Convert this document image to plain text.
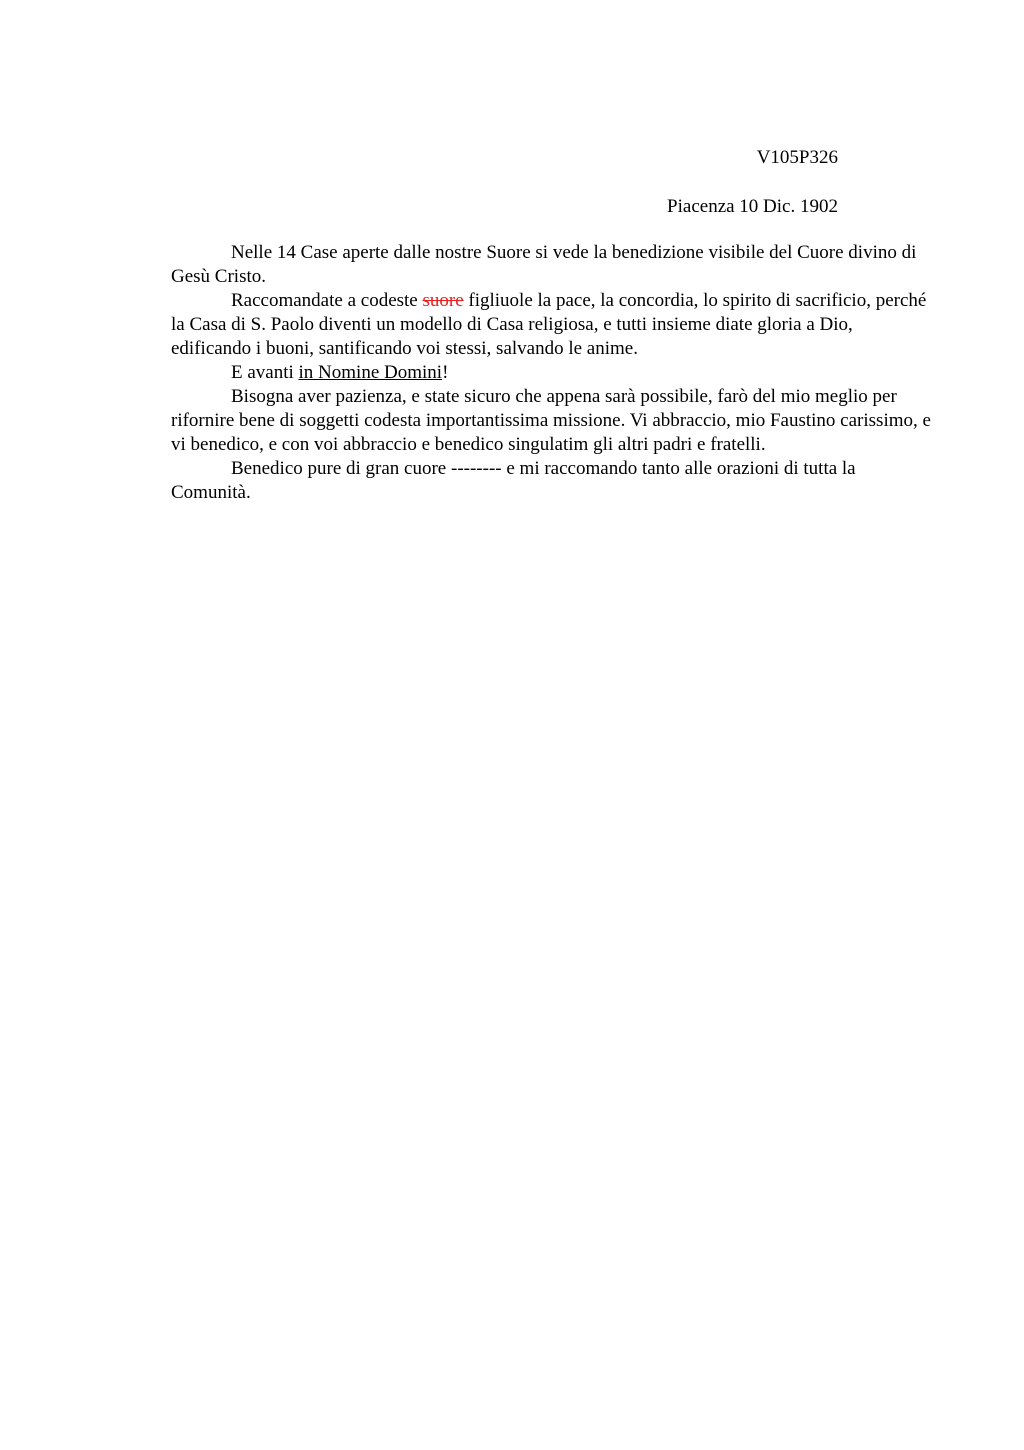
V105P326
Piacenza 10 Dic. 1902

Nelle 14 Case aperte dalle nostre Suore si vede la benedizione visibile del Cuore divino di Gesù Cristo.

Raccomandate a codeste suore figliuole la pace, la concordia, lo spirito di sacrificio, perché la Casa di S. Paolo diventi un modello di Casa religiosa, e tutti insieme diate gloria a Dio, edificando i buoni, santificando voi stessi, salvando le anime.

E avanti in Nomine Domini!

Bisogna aver pazienza, e state sicuro che appena sarà possibile, farò del mio meglio per rifornire bene di soggetti codesta importantissima missione. Vi abbraccio, mio Faustino carissimo, e vi benedico, e con voi abbraccio e benedico singulatim gli altri padri e fratelli.

Benedico pure di gran cuore -------- e mi raccomando tanto alle orazioni di tutta la Comunità.
